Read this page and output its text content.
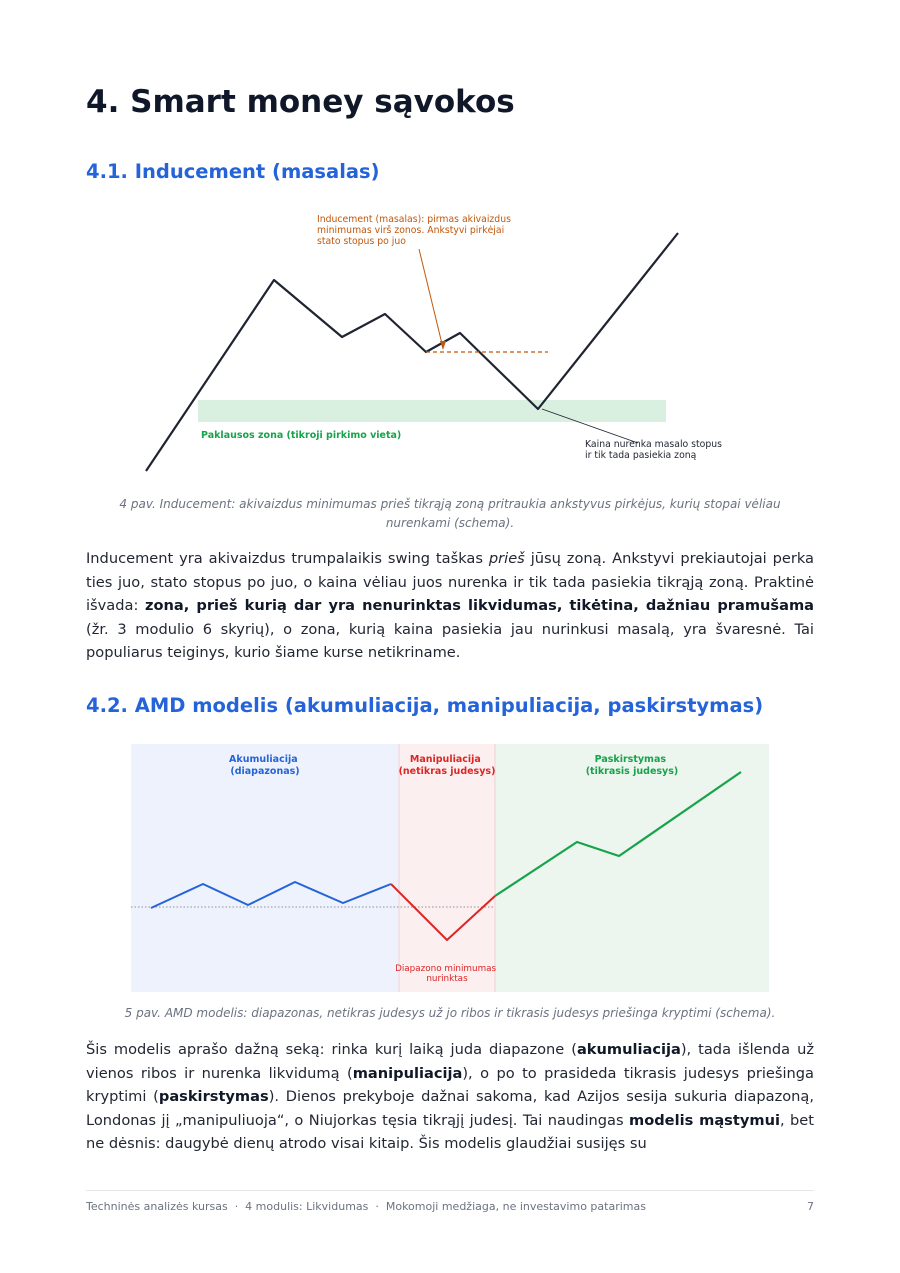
4. Smart money sąvokos
4.1. Inducement (masalas)
Paklausos zona (tikroji pirkimo vieta)
Inducement (masalas): pirmas akivaizdus minimumas virš zonos. Ankstyvi pirkėjai stato stopus po juo
Kaina nurenka masalo stopus ir tik tada pasiekia zoną
4 pav. Inducement: akivaizdus minimumas prieš tikrąją zoną pritraukia ankstyvus pirkėjus, kurių stopai vėliau nurenkami (schema).

Inducement yra akivaizdus trumpalaikis swing taškas prieš jūsų zoną. Ankstyvi prekiautojai perka ties juo, stato stopus po juo, o kaina vėliau juos nurenka ir tik tada pasiekia tikrąją zoną. Praktinė išvada: zona, prieš kurią dar yra nenurinktas likvidumas, tikėtina, dažniau pramušama (žr. 3 modulio 6 skyrių), o zona, kurią kaina pasiekia jau nurinkusi masalą, yra švaresnė. Tai populiarus teiginys, kurio šiame kurse netikriname.

4.2. AMD modelis (akumuliacija, manipuliacija, paskirstymas)
Akumuliacija (diapazonas)
Manipuliacija (netikras judesys)
Paskirstymas (tikrasis judesys)
Diapazono minimumas nurinktas
5 pav. AMD modelis: diapazonas, netikras judesys už jo ribos ir tikrasis judesys priešinga kryptimi (schema).

Šis modelis aprašo dažną seką: rinka kurį laiką juda diapazone (akumuliacija), tada išlenda už vienos ribos ir nurenka likvidumą (manipuliacija), o po to prasideda tikrasis judesys priešinga kryptimi (paskirstymas). Dienos prekyboje dažnai sakoma, kad Azijos sesija sukuria diapazoną, Londonas jį „manipuliuoja“, o Niujorkas tęsia tikrąjį judesį. Tai naudingas modelis mąstymui, bet ne dėsnis: daugybė dienų atrodo visai kitaip. Šis modelis glaudžiai susijęs su

Techninės analizės kursas  ·  4 modulis: Likvidumas  ·  Mokomoji medžiaga, ne investavimo patarimas	7
